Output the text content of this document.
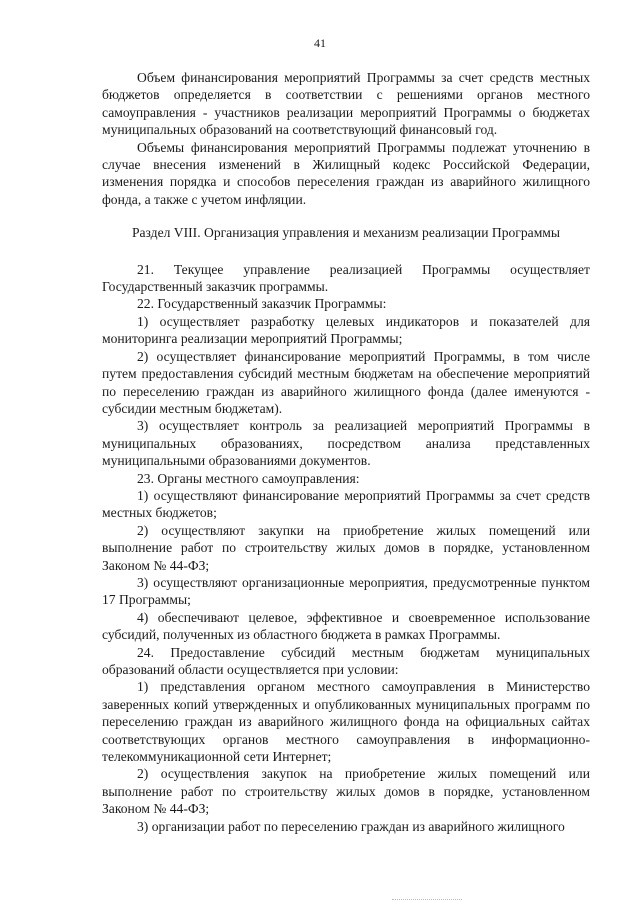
41

Объем финансирования мероприятий Программы за счет средств местных бюджетов определяется в соответствии с решениями органов местного самоуправления - участников реализации мероприятий Программы о бюджетах муниципальных образований на соответствующий финансовый год.

Объемы финансирования мероприятий Программы подлежат уточнению в случае внесения изменений в Жилищный кодекс Российской Федерации, изменения порядка и способов переселения граждан из аварийного жилищного фонда, а также с учетом инфляции.

Раздел VIII. Организация управления и механизм реализации Программы

21. Текущее управление реализацией Программы осуществляет Государственный заказчик программы.

22. Государственный заказчик Программы:

1) осуществляет разработку целевых индикаторов и показателей для мониторинга реализации мероприятий Программы;

2) осуществляет финансирование мероприятий Программы, в том числе путем предоставления субсидий местным бюджетам на обеспечение мероприятий по переселению граждан из аварийного жилищного фонда (далее именуются - субсидии местным бюджетам).

3) осуществляет контроль за реализацией мероприятий Программы в муниципальных образованиях, посредством анализа представленных муниципальными образованиями документов.

23. Органы местного самоуправления:

1) осуществляют финансирование мероприятий Программы за счет средств местных бюджетов;

2) осуществляют закупки на приобретение жилых помещений или выполнение работ по строительству жилых домов в порядке, установленном Законом № 44-ФЗ;

3) осуществляют организационные мероприятия, предусмотренные пунктом 17 Программы;

4) обеспечивают целевое, эффективное и своевременное использование субсидий, полученных из областного бюджета в рамках Программы.

24. Предоставление субсидий местным бюджетам муниципальных образований области осуществляется при условии:

1) представления органом местного самоуправления в Министерство заверенных копий утвержденных и опубликованных муниципальных программ по переселению граждан из аварийного жилищного фонда на официальных сайтах соответствующих органов местного самоуправления в информационно-телекоммуникационной сети Интернет;

2) осуществления закупок на приобретение жилых помещений или выполнение работ по строительству жилых домов в порядке, установленном Законом № 44-ФЗ;

3) организации работ по переселению граждан из аварийного жилищного
